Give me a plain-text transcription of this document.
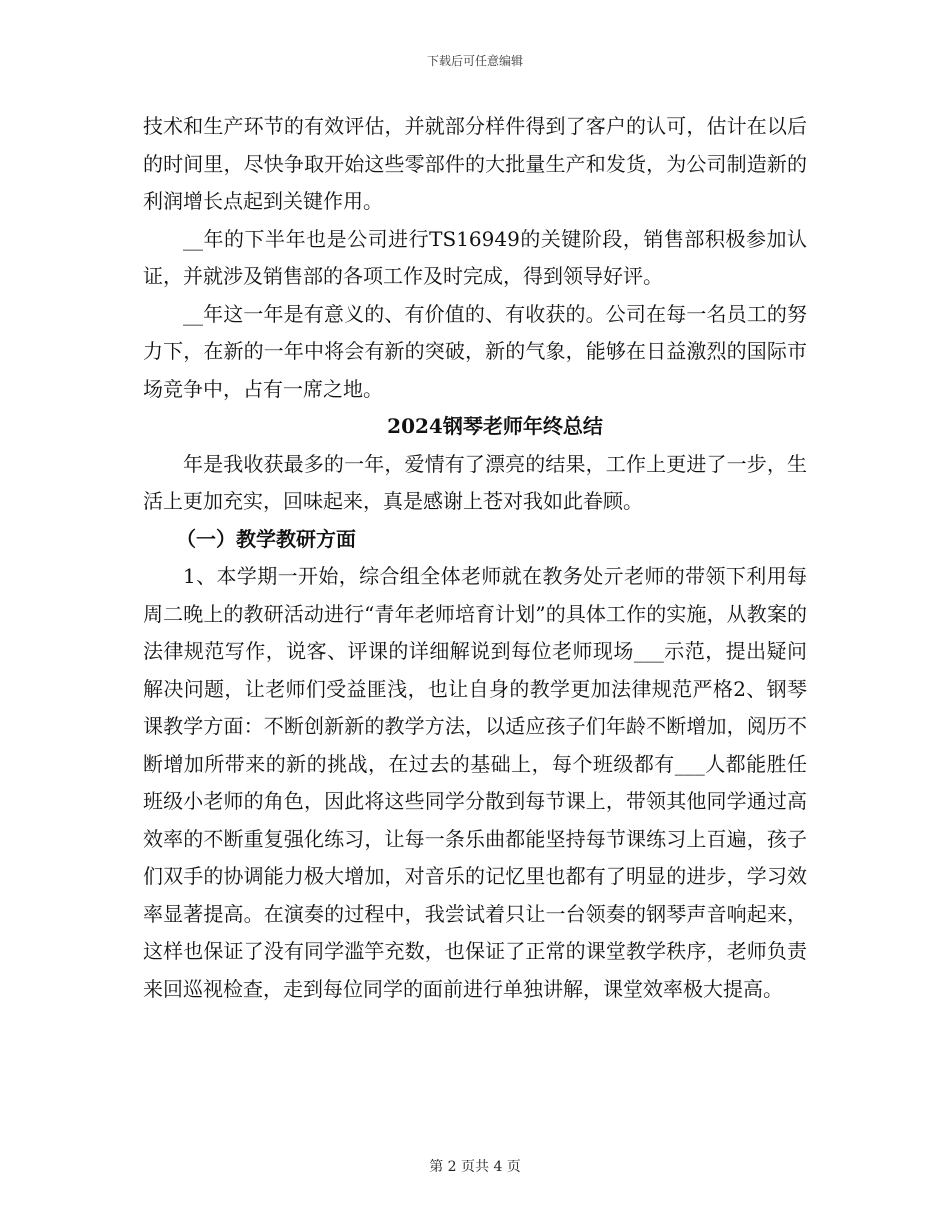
下载后可任意编辑

技术和生产环节的有效评估，并就部分样件得到了客户的认可，估计在以后的时间里，尽快争取开始这些零部件的大批量生产和发货，为公司制造新的利润增长点起到关键作用。

__年的下半年也是公司进行TS16949的关键阶段，销售部积极参加认证，并就涉及销售部的各项工作及时完成，得到领导好评。

__年这一年是有意义的、有价值的、有收获的。公司在每一名员工的努力下，在新的一年中将会有新的突破，新的气象，能够在日益激烈的国际市场竞争中，占有一席之地。

2024钢琴老师年终总结

年是我收获最多的一年，爱情有了漂亮的结果，工作上更进了一步，生活上更加充实，回味起来，真是感谢上苍对我如此眷顾。

（一）教学教研方面

1、本学期一开始，综合组全体老师就在教务处亓老师的带领下利用每周二晚上的教研活动进行“青年老师培育计划”的具体工作的实施，从教案的法律规范写作，说客、评课的详细解说到每位老师现场___示范，提出疑问解决问题，让老师们受益匪浅，也让自身的教学更加法律规范严格2、钢琴课教学方面：不断创新新的教学方法，以适应孩子们年龄不断增加，阅历不断增加所带来的新的挑战，在过去的基础上，每个班级都有___人都能胜任班级小老师的角色，因此将这些同学分散到每节课上，带领其他同学通过高效率的不断重复强化练习，让每一条乐曲都能坚持每节课练习上百遍，孩子们双手的协调能力极大增加，对音乐的记忆里也都有了明显的进步，学习效率显著提高。在演奏的过程中，我尝试着只让一台领奏的钢琴声音响起来，这样也保证了没有同学滥竽充数，也保证了正常的课堂教学秩序，老师负责来回巡视检查，走到每位同学的面前进行单独讲解，课堂效率极大提高。

第 2 页共 4 页
